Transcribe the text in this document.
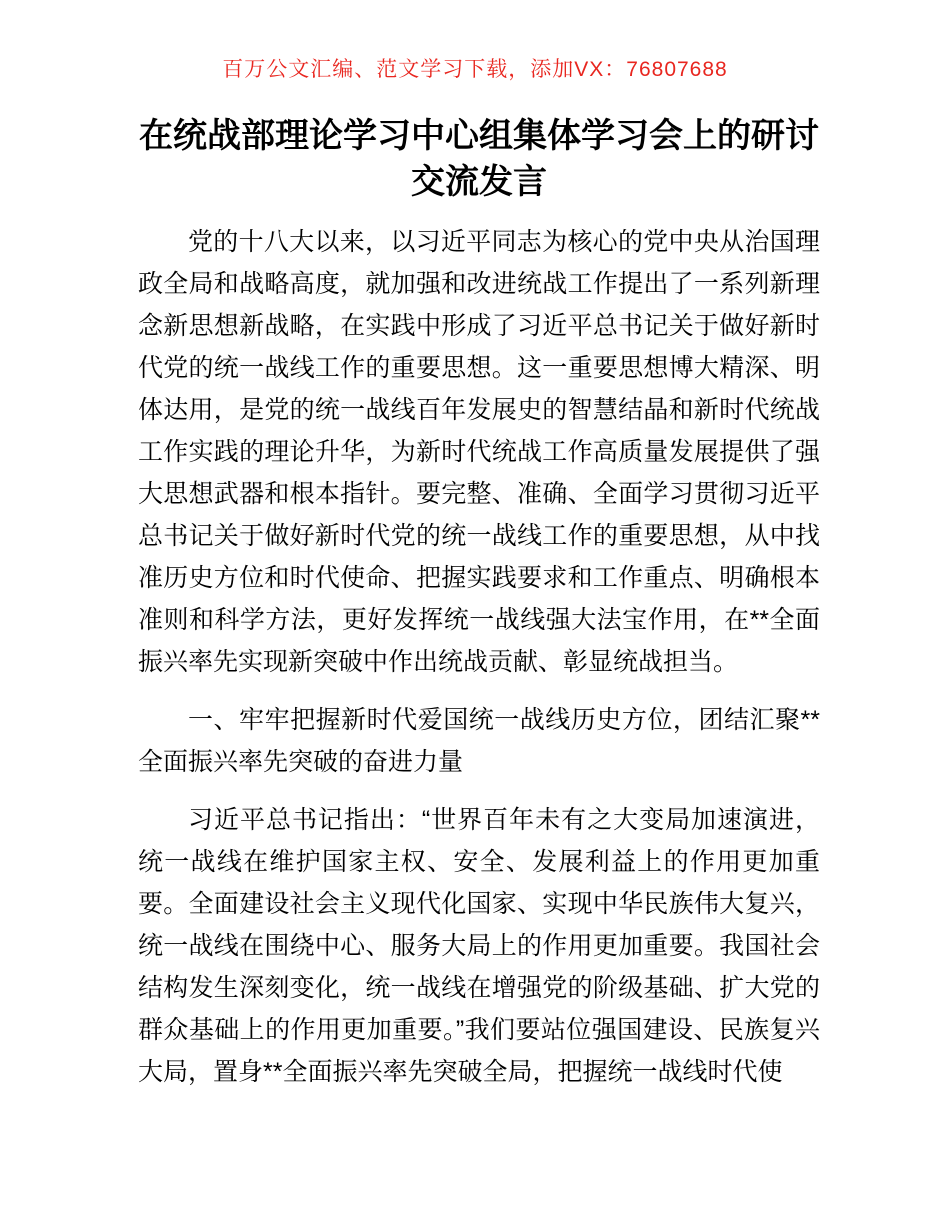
百万公文汇编、范文学习下载，添加VX：76807688
在统战部理论学习中心组集体学习会上的研讨
交流发言

党的十八大以来，以习近平同志为核心的党中央从治国理政全局和战略高度，就加强和改进统战工作提出了一系列新理念新思想新战略，在实践中形成了习近平总书记关于做好新时代党的统一战线工作的重要思想。这一重要思想博大精深、明体达用，是党的统一战线百年发展史的智慧结晶和新时代统战工作实践的理论升华，为新时代统战工作高质量发展提供了强大思想武器和根本指针。要完整、准确、全面学习贯彻习近平总书记关于做好新时代党的统一战线工作的重要思想，从中找准历史方位和时代使命、把握实践要求和工作重点、明确根本准则和科学方法，更好发挥统一战线强大法宝作用，在**全面振兴率先实现新突破中作出统战贡献、彰显统战担当。

一、牢牢把握新时代爱国统一战线历史方位，团结汇聚**全面振兴率先突破的奋进力量

习近平总书记指出：“世界百年未有之大变局加速演进，统一战线在维护国家主权、安全、发展利益上的作用更加重要。全面建设社会主义现代化国家、实现中华民族伟大复兴，统一战线在围绕中心、服务大局上的作用更加重要。我国社会结构发生深刻变化，统一战线在增强党的阶级基础、扩大党的群众基础上的作用更加重要。”我们要站位强国建设、民族复兴大局，置身**全面振兴率先突破全局，把握统一战线时代使
